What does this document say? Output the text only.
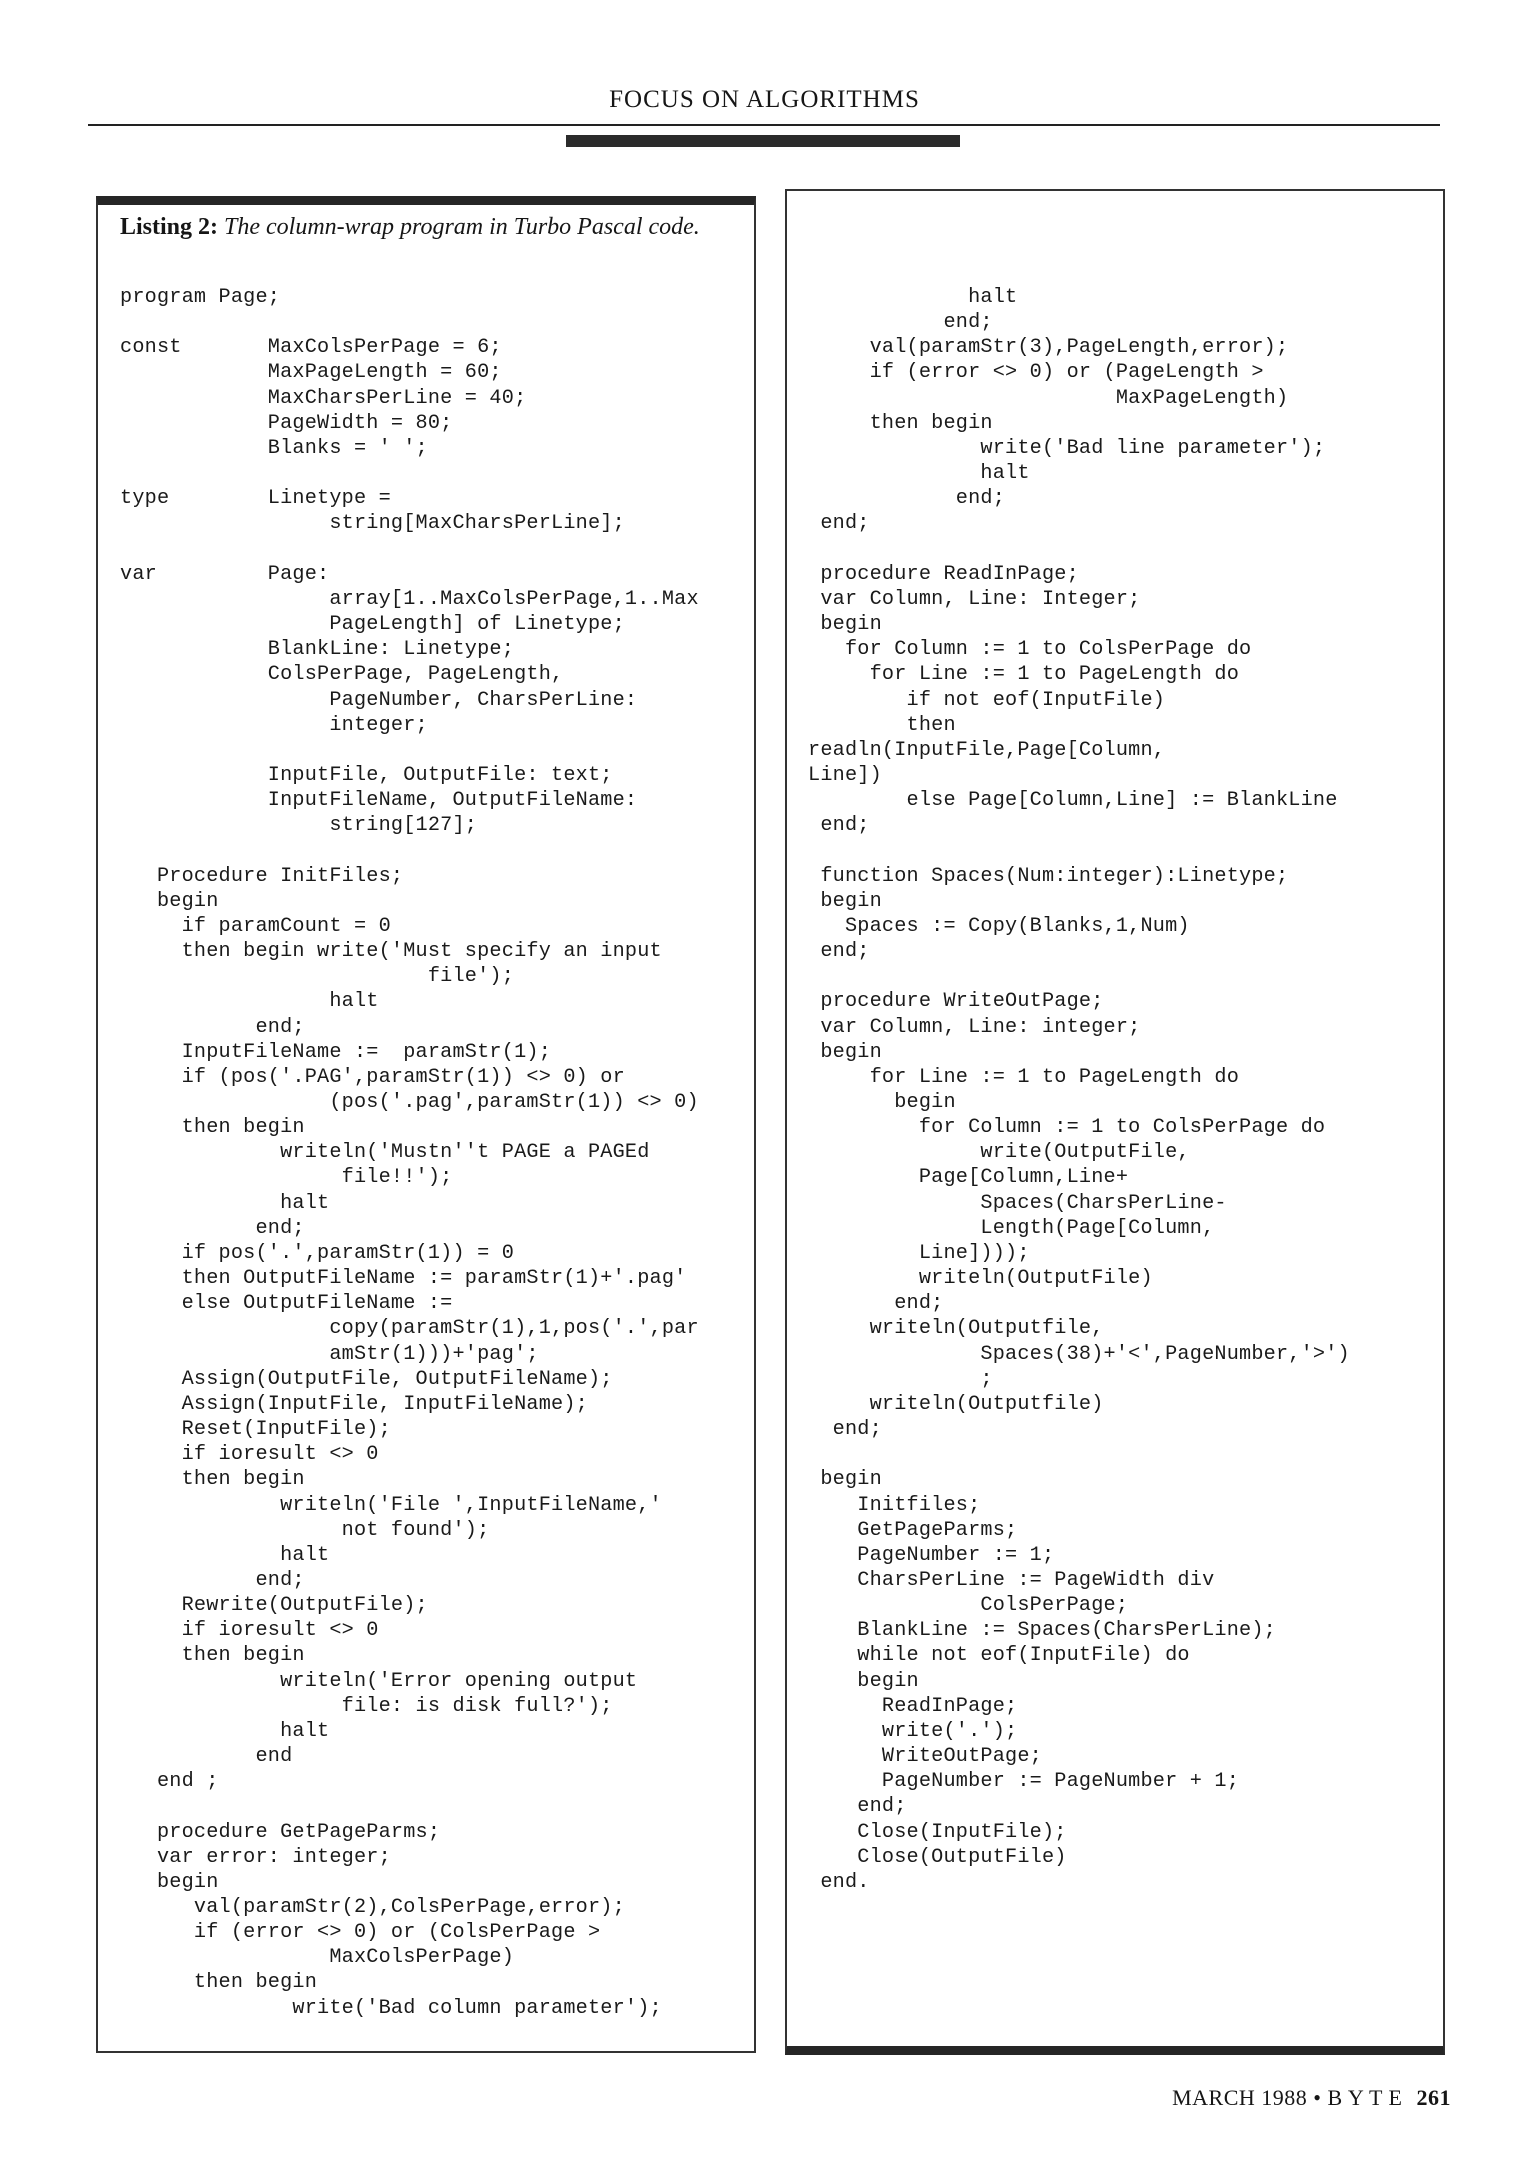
FOCUS ON ALGORITHMS

Listing 2: The column-wrap program in Turbo Pascal code.

program Page;

const       MaxColsPerPage = 6;
MaxPageLength = 60;
MaxCharsPerLine = 40;
PageWidth = 80;
Blanks = ' ';

type        Linetype =
string[MaxCharsPerLine];

var         Page:
array[1..MaxColsPerPage,1..Max
PageLength] of Linetype;
BlankLine: Linetype;
ColsPerPage, PageLength,
PageNumber, CharsPerLine:
integer;

InputFile, OutputFile: text;
InputFileName, OutputFileName:
string[127];

Procedure InitFiles;
begin
if paramCount = 0
then begin write('Must specify an input
file');
halt
end;
InputFileName :=  paramStr(1);
if (pos('.PAG',paramStr(1)) <> 0) or
(pos('.pag',paramStr(1)) <> 0)
then begin
writeln('Mustn''t PAGE a PAGEd
file!!');
halt
end;
if pos('.',paramStr(1)) = 0
then OutputFileName := paramStr(1)+'.pag'
else OutputFileName :=
copy(paramStr(1),1,pos('.',par
amStr(1)))+'pag';
Assign(OutputFile, OutputFileName);
Assign(InputFile, InputFileName);
Reset(InputFile);
if ioresult <> 0
then begin
writeln('File ',InputFileName,'
not found');
halt
end;
Rewrite(OutputFile);
if ioresult <> 0
then begin
writeln('Error opening output
file: is disk full?');
halt
end
end ;

procedure GetPageParms;
var error: integer;
begin
val(paramStr(2),ColsPerPage,error);
if (error <> 0) or (ColsPerPage >
MaxColsPerPage)
then begin
write('Bad column parameter');
halt
end;
val(paramStr(3),PageLength,error);
if (error <> 0) or (PageLength >
MaxPageLength)
then begin
write('Bad line parameter');
halt
end;
end;

procedure ReadInPage;
var Column, Line: Integer;
begin
for Column := 1 to ColsPerPage do
for Line := 1 to PageLength do
if not eof(InputFile)
then
readln(InputFile,Page[Column,
Line])
else Page[Column,Line] := BlankLine
end;

function Spaces(Num:integer):Linetype;
begin
Spaces := Copy(Blanks,1,Num)
end;

procedure WriteOutPage;
var Column, Line: integer;
begin
for Line := 1 to PageLength do
begin
for Column := 1 to ColsPerPage do
write(OutputFile,
Page[Column,Line+
Spaces(CharsPerLine-
Length(Page[Column,
Line])));
writeln(OutputFile)
end;
writeln(Outputfile,
Spaces(38)+'<',PageNumber,'>')
;
writeln(Outputfile)
end;

begin
Initfiles;
GetPageParms;
PageNumber := 1;
CharsPerLine := PageWidth div
ColsPerPage;
BlankLine := Spaces(CharsPerLine);
while not eof(InputFile) do
begin
ReadInPage;
write('.');
WriteOutPage;
PageNumber := PageNumber + 1;
end;
Close(InputFile);
Close(OutputFile)
end.

MARCH 1988 • B Y T E 261
